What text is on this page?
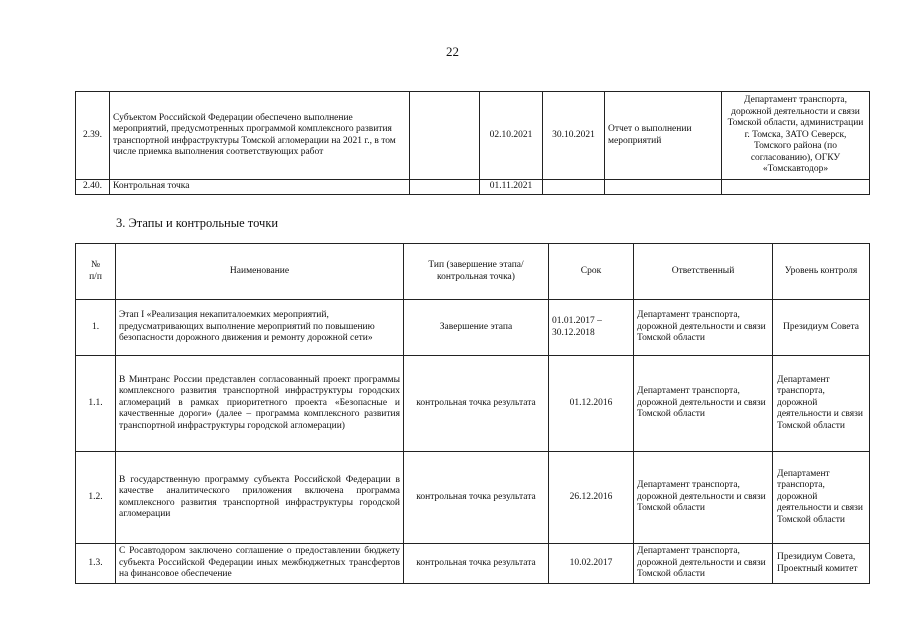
22
2.39.	Субъектом Российской Федерации обеспечено выполнение мероприятий, предусмотренных программой комплексного развития транспортной инфраструктуры Томской агломерации на 2021 г., в том числе приемка выполнения соответствующих работ		02.10.2021	30.10.2021	Отчет о выполнении мероприятий	Департамент транспорта, дорожной деятельности и связи Томской области, администрации г. Томска, ЗАТО Северск, Томского района (по согласованию), ОГКУ «Томскавтодор»
2.40.	Контрольная точка		01.11.2021			
3. Этапы и контрольные точки
№
п/п	Наименование	Тип (завершение этапа/контрольная точка)	Срок	Ответственный	Уровень контроля
1.	Этап I «Реализация некапиталоемких мероприятий, предусматривающих выполнение мероприятий по повышению безопасности дорожного движения и ремонту дорожной сети»	Завершение этапа	01.01.2017 – 30.12.2018	Департамент транспорта, дорожной деятельности и связи Томской области	Президиум Совета
1.1.	В Минтранс России представлен согласованный проект программы комплексного развития транспортной инфраструктуры городских агломераций в рамках приоритетного проекта «Безопасные и качественные дороги» (далее – программа комплексного развития транспортной инфраструктуры городской агломерации)	контрольная точка результата	01.12.2016	Департамент транспорта, дорожной деятельности и связи Томской области	Департамент транспорта, дорожной деятельности и связи Томской области
1.2.	В государственную программу субъекта Российской Федерации в качестве аналитического приложения включена программа комплексного развития транспортной инфраструктуры городской агломерации	контрольная точка результата	26.12.2016	Департамент транспорта, дорожной деятельности и связи Томской области	Департамент транспорта, дорожной деятельности и связи Томской области
1.3.	С Росавтодором заключено соглашение о предоставлении бюджету субъекта Российской Федерации иных межбюджетных трансфертов на финансовое обеспечение	контрольная точка результата	10.02.2017	Департамент транспорта, дорожной деятельности и связи Томской области	Президиум Совета, Проектный комитет
